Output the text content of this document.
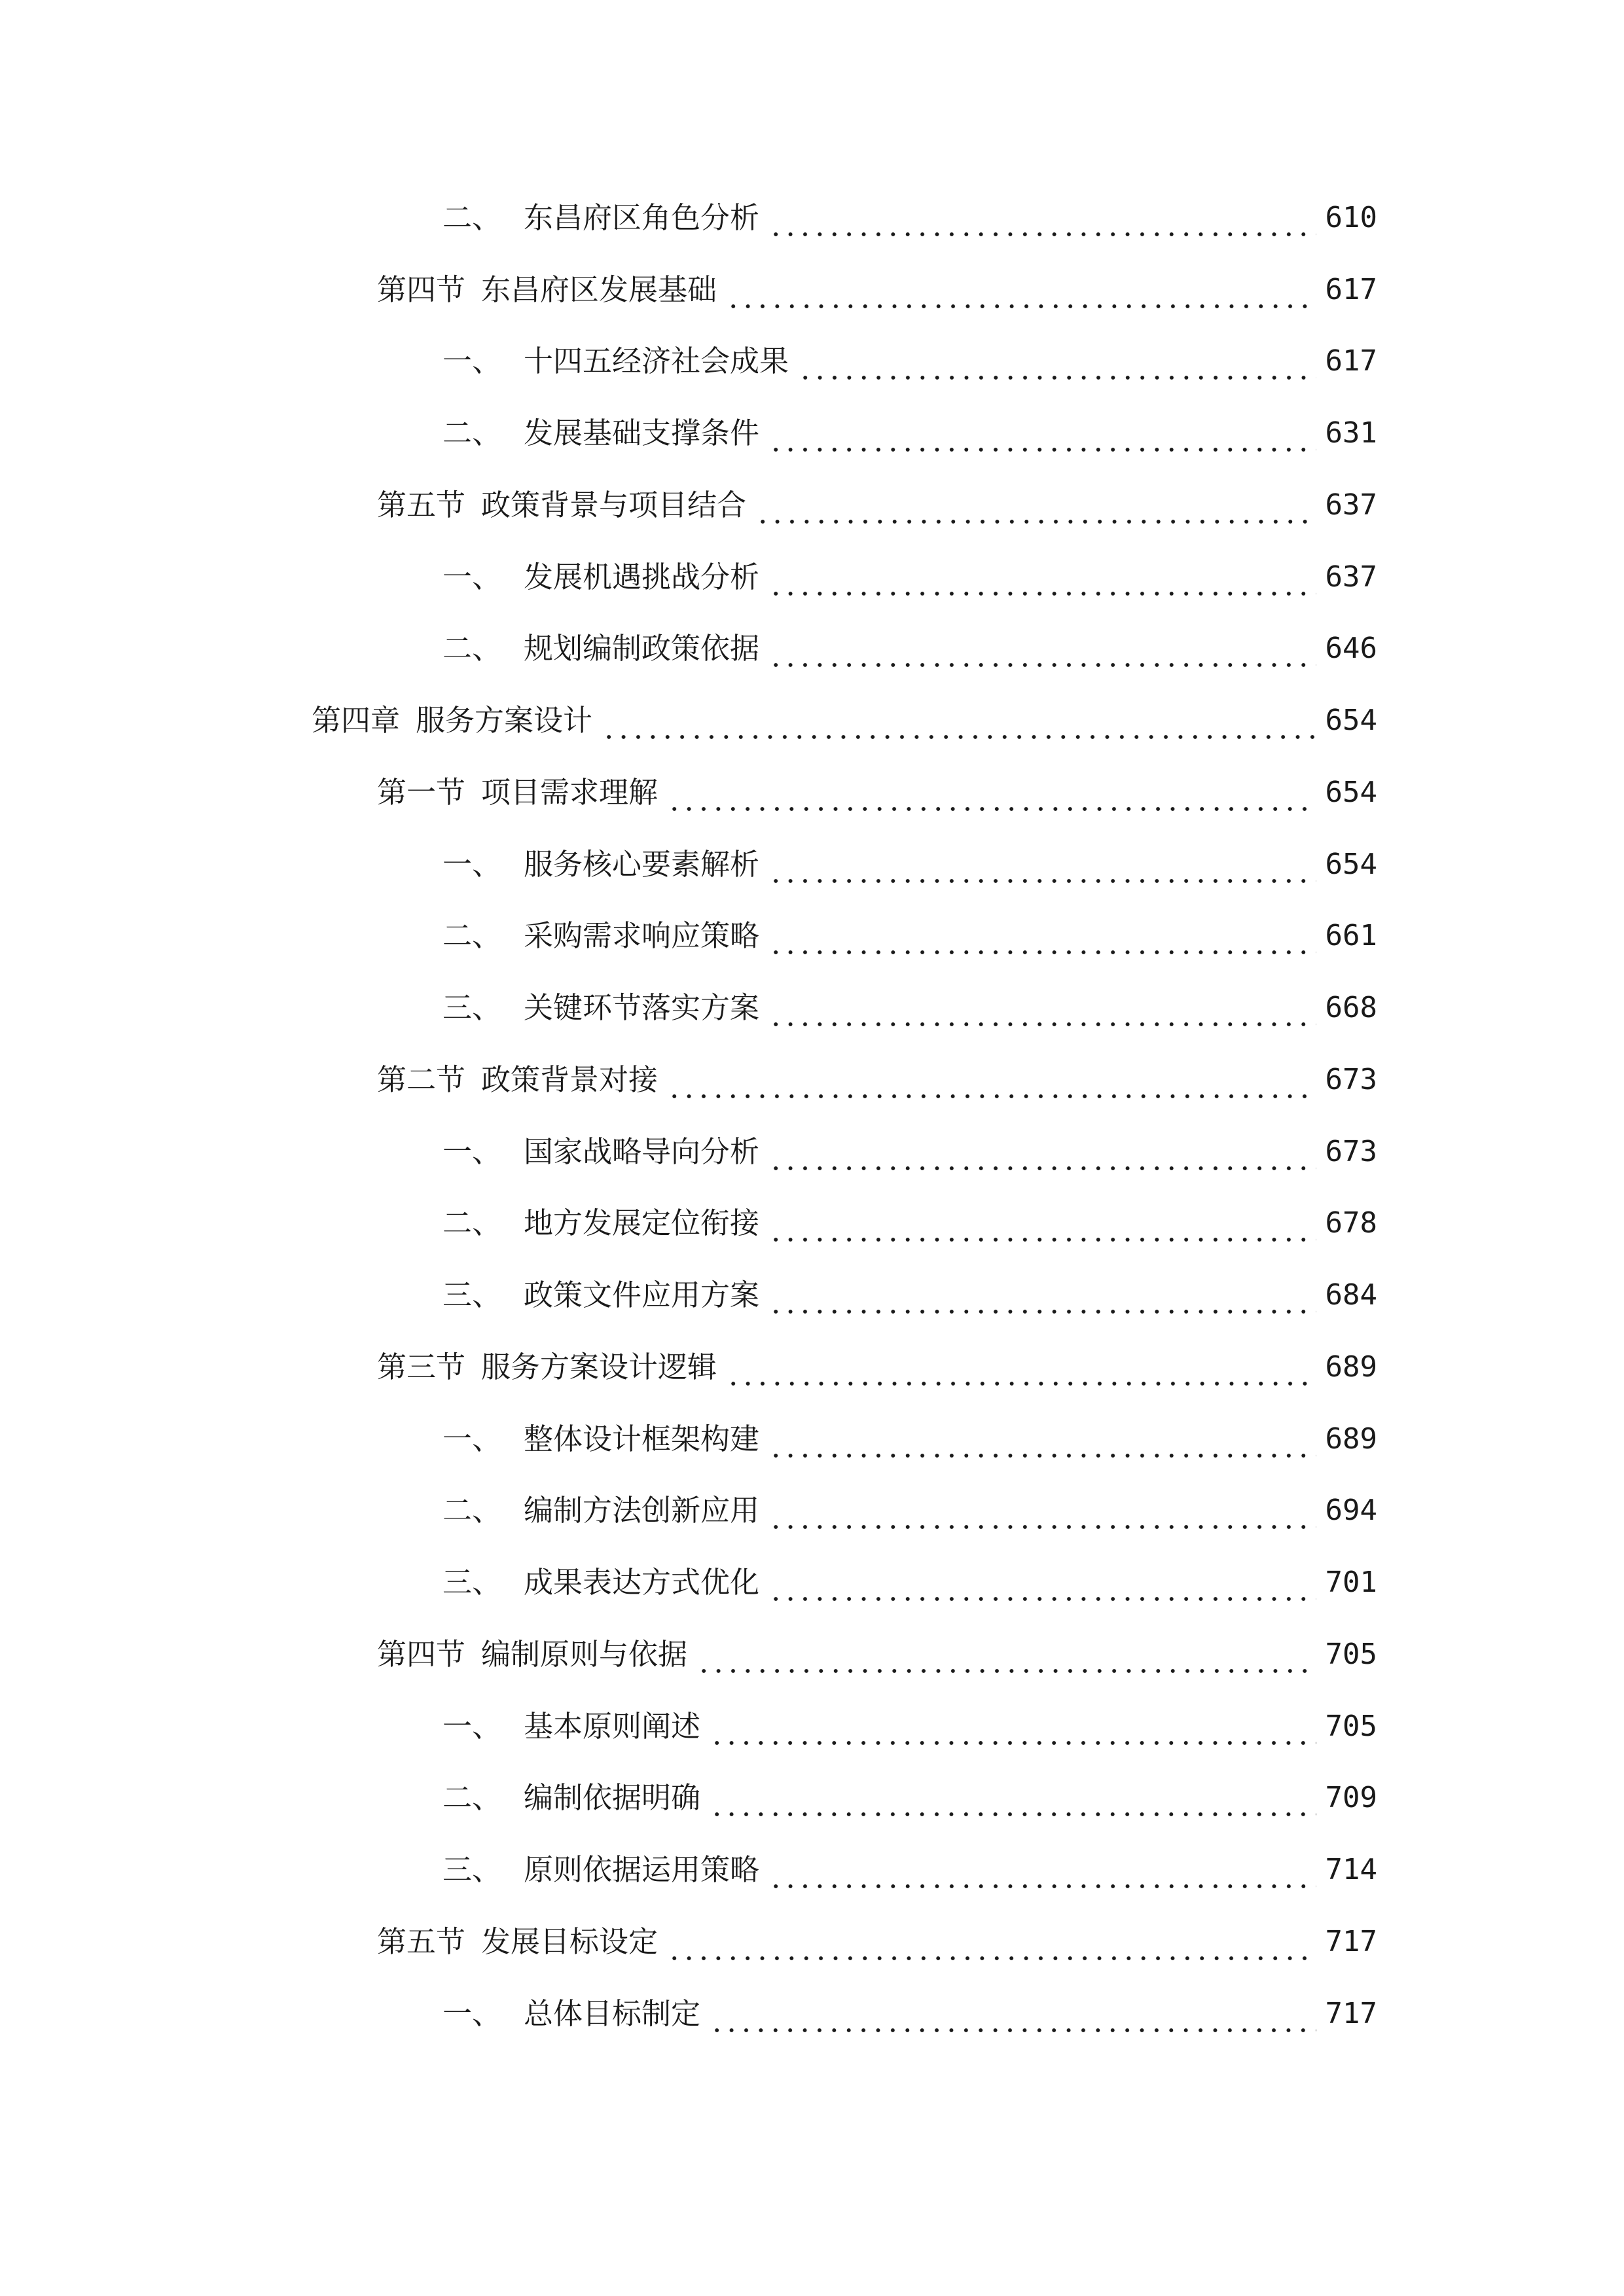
二、 东昌府区角色分析	610
第四节 东昌府区发展基础	617
一、 十四五经济社会成果	617
二、 发展基础支撑条件	631
第五节 政策背景与项目结合	637
一、 发展机遇挑战分析	637
二、 规划编制政策依据	646
第四章 服务方案设计	654
第一节 项目需求理解	654
一、 服务核心要素解析	654
二、 采购需求响应策略	661
三、 关键环节落实方案	668
第二节 政策背景对接	673
一、 国家战略导向分析	673
二、 地方发展定位衔接	678
三、 政策文件应用方案	684
第三节 服务方案设计逻辑	689
一、 整体设计框架构建	689
二、 编制方法创新应用	694
三、 成果表达方式优化	701
第四节 编制原则与依据	705
一、 基本原则阐述	705
二、 编制依据明确	709
三、 原则依据运用策略	714
第五节 发展目标设定	717
一、 总体目标制定	717
